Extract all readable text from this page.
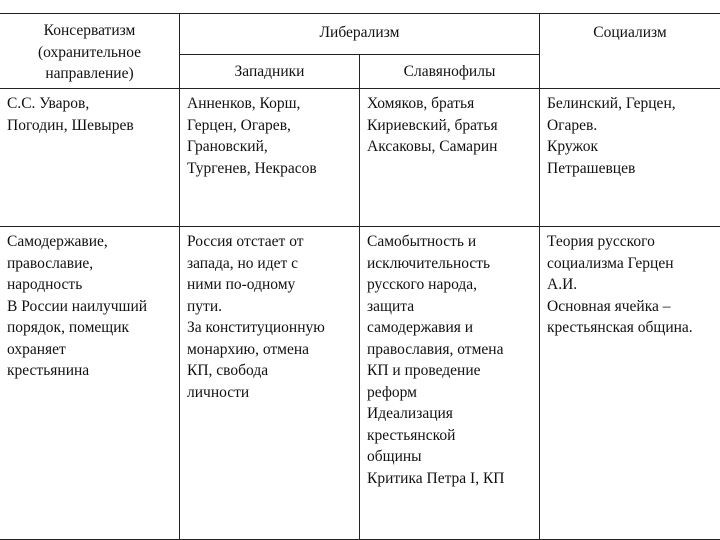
Консерватизм
(охранительное
направление)
Либерализм	Социализм
Западники	Славянофилы
С.С. Уваров,
Погодин, Шевырев
Анненков, Корш,
Герцен, Огарев,
Грановский,
Тургенев, Некрасов
Хомяков, братья
Кириевский, братья
Аксаковы, Самарин
Белинский, Герцен,
Огарев.
Кружок
Петрашевцев
Самодержавие,
православие,
народность
В России наилучший
порядок, помещик
охраняет
крестьянина
Россия отстает от
запада, но идет с
ними по-одному
пути.
За конституционную
монархию, отмена
КП, свобода
личности
Самобытность и
исключительность
русского народа,
защита
самодержавия и
православия, отмена
КП и проведение
реформ
Идеализация
крестьянской
общины
Критика Петра I, КП
Теория русского
социализма Герцен
А.И.
Основная ячейка –
крестьянская община.
